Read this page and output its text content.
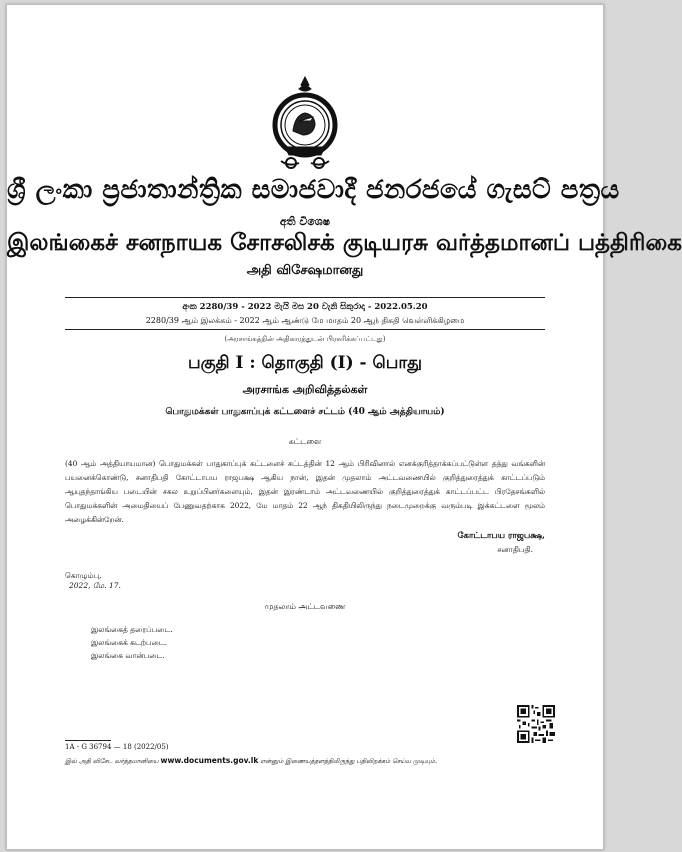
ශ්‍රී ලංකා ප්‍රජාතාන්ත්‍රික සමාජවාදී ජනරජයේ ගැසට් පත්‍රය
අති විශෙෂ
இலங்கைச் சனநாயக சோசலிசக் குடியரசு வர்த்தமானப் பத்திரிகை
அதி விசேஷமானது
අංක 2280/39 - 2022 මැයි මස 20 වැනි සිකුරාදා - 2022.05.20
2280/39 ஆம் இலக்கம் - 2022 ஆம் ஆண்டு மே மாதம் 20 ஆந் திகதி வெள்ளிக்கிழமை
(அரசாங்கத்தின் அதிகாரத்துடன் பிரசுரிக்கப்பட்டது)
பகுதி I : தொகுதி (I) - பொது
அரசாங்க அறிவித்தல்கள்
பொதுமக்கள் பாதுகாப்புக் கட்டளைச் சட்டம் (40 ஆம் அத்தியாயம்)
கட்டளை
(40 ஆம் அத்தியாயமான) பொதுமக்கள் பாதுகாப்புக் கட்டளைச் சட்டத்தின் 12 ஆம் பிரிவினால் எனக்குரித்தாக்கப்பட்டுள்ள தத்து வங்களின் பயனைக்கொண்டு, சனாதிபதி கோட்டாபய ராஜபக்ஷ ஆகிய நான், இதன் முதலாம் அட்டவணையில் குறித்துரைத்துக் காட்டப்படும் ஆயுதந்தாங்கிய படையின் சகல உறுப்பினர்களையும், இதன் இரண்டாம் அட்டவணையில் குறித்துரைத்துக் காட்டப்பட்ட பிரதேசங்களில் பொதுமக்களின் அமைதியைப் பேணுவதற்காக 2022, மே மாதம் 22 ஆந் திகதியிலிருந்து நடைமுறைக்கு வரும்படி இக்கட்டளை மூலம் அழைக்கின்றேன்.
கோட்டாபய ராஜபக்ஷ,
சனாதிபதி.
கொழும்பு,
2022, மே. 17.
முதலாம் அட்டவணை
இலங்கைத் தரைப்படை.
இலங்கைக் கடற்படை.
இலங்கை வான்படை.
1A - G 36794 — 18 (2022/05)
இவ் அதி விசேட வர்த்தமானியை www.documents.gov.lk என்னும் இணையத்தளத்திலிருந்து பதிவிறக்கம் செய்ய முடியும்.
